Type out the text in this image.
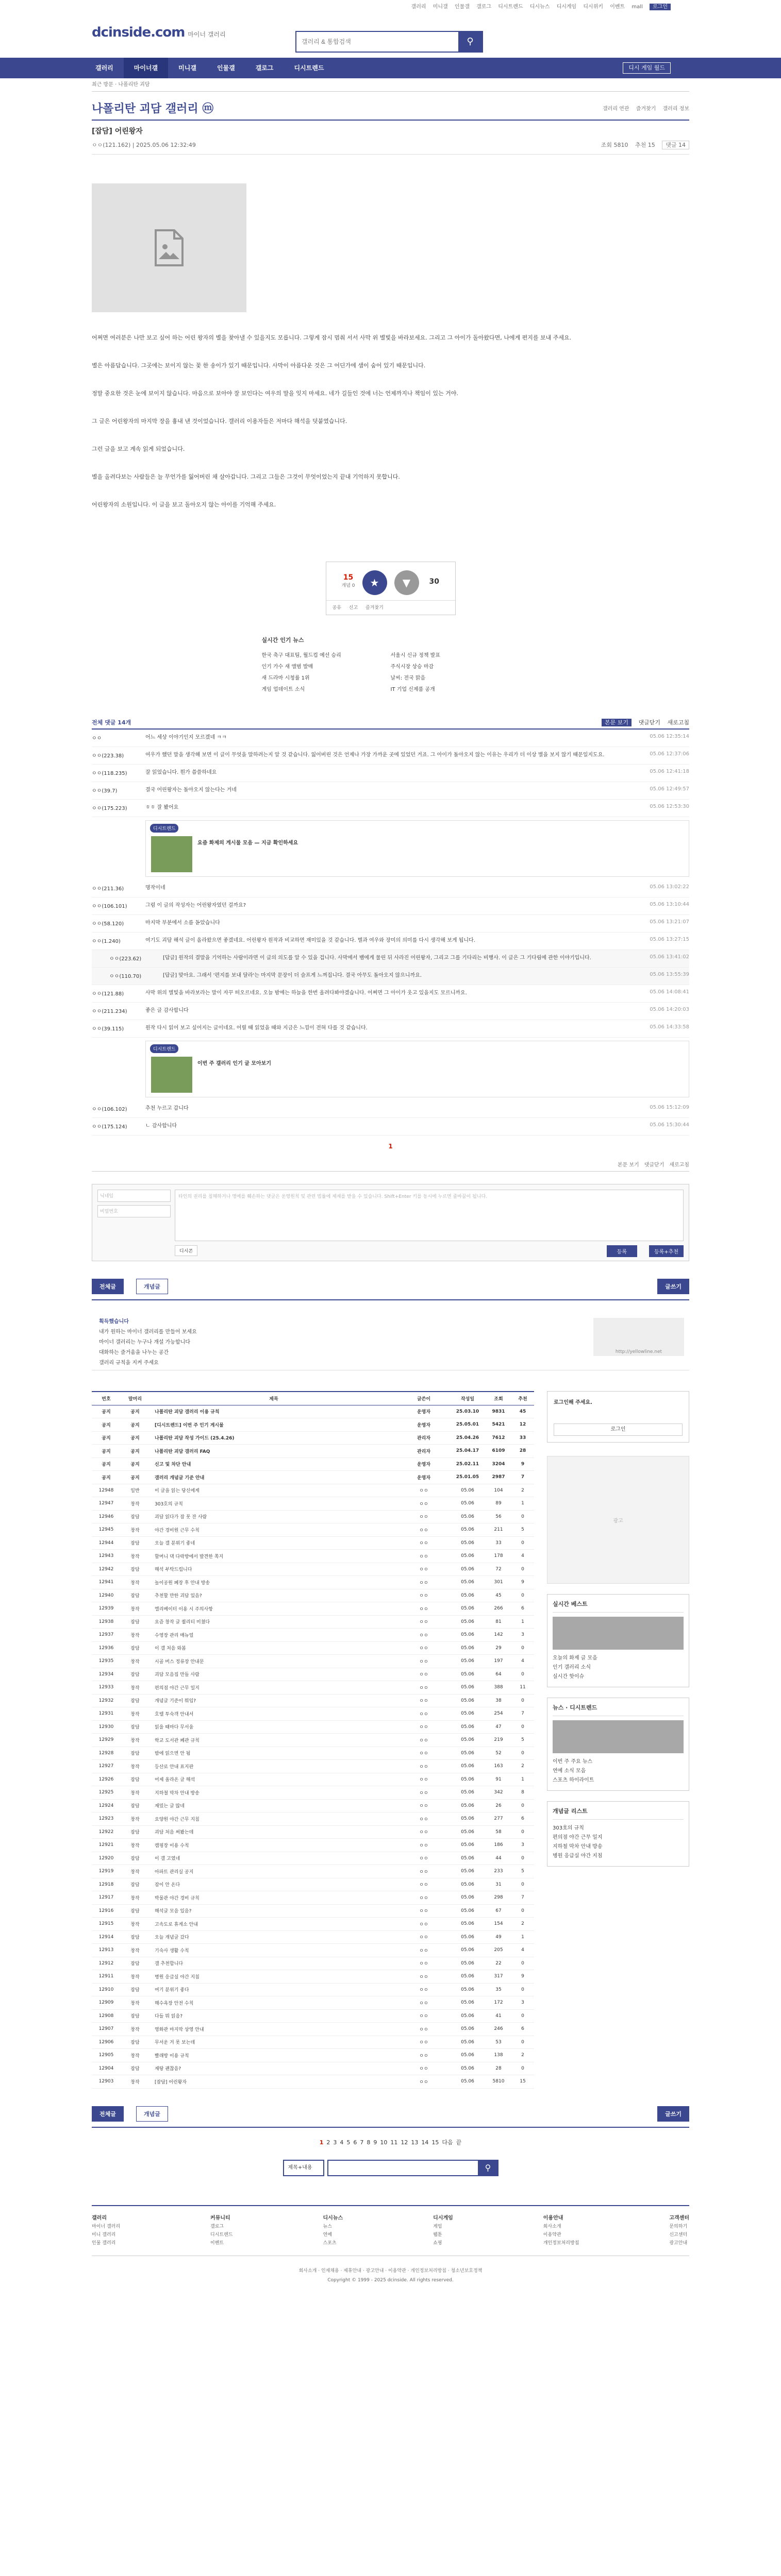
갤러리 미니갤 인물갤 갤로그 디시트렌드 디시뉴스 디시게임 디시위키 이벤트 mall 로그인
dcinside.com 마이너 갤러리
갤러리 & 통합검색
⚲
갤러리	마이너갤	미니갤	인물갤	갤로그	디시트렌드	디시 게임 월드
최근 방문 · 나폴리탄 괴담
나폴리탄 괴담 갤러리 ⓜ	갤러리 연관 즐겨찾기 갤러리 정보
[잡담] 어린왕자
ㅇㅇ(121.162) | 2025.05.06 12:32:49	조회 5810 추천 15 댓글 14

어쩌면 여러분은 나만 보고 싶어 하는 어린 왕자의 별을 찾아낼 수 있을지도 모릅니다. 그렇게 잠시 멈춰 서서 사막 위 별빛을 바라보세요. 그리고 그 아이가 돌아왔다면, 나에게 편지를 보내 주세요.

별은 아름답습니다. 그곳에는 보이지 않는 꽃 한 송이가 있기 때문입니다. 사막이 아름다운 것은 그 어딘가에 샘이 숨어 있기 때문입니다.

정말 중요한 것은 눈에 보이지 않습니다. 마음으로 보아야 잘 보인다는 여우의 말을 잊지 마세요. 네가 길들인 것에 너는 언제까지나 책임이 있는 거야.

그 글은 어린왕자의 마지막 장을 흉내 낸 것이었습니다. 갤러리 이용자들은 저마다 해석을 덧붙였습니다.

그런 글을 보고 계속 읽게 되었습니다.

별을 올려다보는 사람들은 늘 무언가를 잃어버린 채 살아갑니다. 그리고 그들은 그것이 무엇이었는지 끝내 기억하지 못합니다.

어린왕자의 소원입니다. 이 글을 보고 돌아오지 않는 아이를 기억해 주세요.

15
개념 0	★	▼	30
공유 신고 즐겨찾기
실시간 인기 뉴스
한국 축구 대표팀, 월드컵 예선 승리	서울시 신규 정책 발표
인기 가수 새 앨범 발매	주식시장 상승 마감
새 드라마 시청률 1위	날씨: 전국 맑음
게임 업데이트 소식	IT 기업 신제품 공개
전체 댓글 14개	본문 보기 댓글닫기 새로고침
ㅇㅇ	어느 세상 이야기인지 모르겠네 ㅋㅋ	05.06 12:35:14
ㅇㅇ(223.38)	여우가 했던 말을 생각해 보면 이 글이 무엇을 말하려는지 알 것 같습니다. 잃어버린 것은 언제나 가장 가까운 곳에 있었던 거죠. 그 아이가 돌아오지 않는 이유는 우리가 더 이상 별을 보지 않기 때문일지도요.	05.06 12:37:06
ㅇㅇ(118.235)	잘 읽었습니다. 뭔가 씁쓸하네요	05.06 12:41:18
ㅇㅇ(39.7)	결국 어린왕자는 돌아오지 않는다는 거네	05.06 12:49:57
ㅇㅇ(175.223)	ㅎㅎ 잘 봤어요	05.06 12:53:30
디시트렌드
요즘 화제의 게시물 모음 — 지금 확인하세요
ㅇㅇ(211.36)	명작이네	05.06 13:02:22
ㅇㅇ(106.101)	그럼 이 글의 작성자는 어린왕자였던 걸까요?	05.06 13:10:44
ㅇㅇ(58.120)	마지막 부분에서 소름 돋았습니다	05.06 13:21:07
ㅇㅇ(1.240)	여기도 괴담 해석 글이 올라왔으면 좋겠네요. 어린왕자 원작과 비교하면 재미있을 것 같습니다. 별과 여우와 장미의 의미를 다시 생각해 보게 됩니다.	05.06 13:27:15
ㅇㅇ(223.62)	[답글] 원작의 결말을 기억하는 사람이라면 이 글의 의도를 알 수 있을 겁니다. 사막에서 뱀에게 물린 뒤 사라진 어린왕자, 그리고 그를 기다리는 비행사. 이 글은 그 기다림에 관한 이야기입니다.	05.06 13:41:02
ㅇㅇ(110.70)	[답글] 맞아요. 그래서 '편지를 보내 달라'는 마지막 문장이 더 슬프게 느껴집니다. 결국 아무도 돌아오지 않으니까요.	05.06 13:55:39
ㅇㅇ(121.88)	사막 위의 별빛을 바라보라는 말이 자꾸 떠오르네요. 오늘 밤에는 하늘을 한번 올려다봐야겠습니다. 어쩌면 그 아이가 웃고 있을지도 모르니까요.	05.06 14:08:41
ㅇㅇ(211.234)	좋은 글 감사합니다	05.06 14:20:03
ㅇㅇ(39.115)	원작 다시 읽어 보고 싶어지는 글이네요. 어릴 때 읽었을 때와 지금은 느낌이 전혀 다를 것 같습니다.	05.06 14:33:58
디시트렌드
이번 주 갤러리 인기 글 모아보기
ㅇㅇ(106.102)	추천 누르고 갑니다	05.06 15:12:09
ㅇㅇ(175.124)	ㄴ 감사합니다	05.06 15:30:44
1
본문 보기 댓글닫기 새로고침
닉네임
비밀번호
타인의 권리를 침해하거나 명예를 훼손하는 댓글은 운영원칙 및 관련 법률에 제재를 받을 수 있습니다. Shift+Enter 키를 동시에 누르면 줄바꿈이 됩니다.
디시콘	등록	등록+추천
전체글	개념글	글쓰기
획득했습니다
내가 원하는 마이너 갤러리를 만들어 보세요
마이너 갤러리는 누구나 개설 가능합니다
대화하는 즐거움을 나누는 공간
갤러리 규칙을 지켜 주세요
http://yellowline.net
번호	말머리	제목	글쓴이	작성일	조회	추천
공지	공지	나폴리탄 괴담 갤러리 이용 규칙	운영자	25.03.10	9831	45
공지	공지	[디시트렌드] 이번 주 인기 게시물	운영자	25.05.01	5421	12
공지	공지	나폴리탄 괴담 작성 가이드 (25.4.26)	관리자	25.04.26	7612	33
공지	공지	나폴리탄 괴담 갤러리 FAQ	관리자	25.04.17	6109	28
공지	공지	신고 및 차단 안내	운영자	25.02.11	3204	9
공지	공지	갤러리 개념글 기준 안내	운영자	25.01.05	2987	7
12948	일반	이 글을 읽는 당신에게	ㅇㅇ	05.06	104	2
12947	창작	303호의 규칙	ㅇㅇ	05.06	89	1
12946	잡담	괴담 읽다가 잠 못 잔 사람	ㅇㅇ	05.06	56	0
12945	창작	야간 경비원 근무 수칙	ㅇㅇ	05.06	211	5
12944	잡담	오늘 갤 분위기 좋네	ㅇㅇ	05.06	33	0
12943	창작	할머니 댁 다락방에서 발견한 쪽지	ㅇㅇ	05.06	178	4
12942	잡담	해석 부탁드립니다	ㅇㅇ	05.06	72	0
12941	창작	놀이공원 폐장 후 안내 방송	ㅇㅇ	05.06	301	9
12940	잡담	추천할 만한 괴담 있음?	ㅇㅇ	05.06	45	0
12939	창작	엘리베이터 이용 시 주의사항	ㅇㅇ	05.06	266	6
12938	잡담	요즘 창작 글 퀄리티 미쳤다	ㅇㅇ	05.06	81	1
12937	창작	수영장 관리 매뉴얼	ㅇㅇ	05.06	142	3
12936	잡담	이 갤 처음 와봄	ㅇㅇ	05.06	29	0
12935	창작	시골 버스 정류장 안내문	ㅇㅇ	05.06	197	4
12934	잡담	괴담 모음집 만들 사람	ㅇㅇ	05.06	64	0
12933	창작	편의점 야간 근무 일지	ㅇㅇ	05.06	388	11
12932	잡담	개념글 기준이 뭐임?	ㅇㅇ	05.06	38	0
12931	창작	호텔 투숙객 안내서	ㅇㅇ	05.06	254	7
12930	잡담	읽을 때마다 무서움	ㅇㅇ	05.06	47	0
12929	창작	학교 도서관 폐관 규칙	ㅇㅇ	05.06	219	5
12928	잡담	밤에 읽으면 안 됨	ㅇㅇ	05.06	52	0
12927	창작	등산로 안내 표지판	ㅇㅇ	05.06	163	2
12926	잡담	어제 올라온 글 해석	ㅇㅇ	05.06	91	1
12925	창작	지하철 막차 안내 방송	ㅇㅇ	05.06	342	8
12924	잡담	재밌는 글 많네	ㅇㅇ	05.06	26	0
12923	창작	요양원 야간 근무 지침	ㅇㅇ	05.06	277	6
12922	잡담	괴담 처음 써봤는데	ㅇㅇ	05.06	58	0
12921	창작	캠핑장 이용 수칙	ㅇㅇ	05.06	186	3
12920	잡담	이 갤 고였네	ㅇㅇ	05.06	44	0
12919	창작	아파트 관리실 공지	ㅇㅇ	05.06	233	5
12918	잡담	잠이 안 온다	ㅇㅇ	05.06	31	0
12917	창작	박물관 야간 경비 규칙	ㅇㅇ	05.06	298	7
12916	잡담	해석글 모음 있음?	ㅇㅇ	05.06	67	0
12915	창작	고속도로 휴게소 안내	ㅇㅇ	05.06	154	2
12914	잡담	오늘 개념글 갔다	ㅇㅇ	05.06	49	1
12913	창작	기숙사 생활 수칙	ㅇㅇ	05.06	205	4
12912	잡담	갤 추천합니다	ㅇㅇ	05.06	22	0
12911	창작	병원 응급실 야간 지침	ㅇㅇ	05.06	317	9
12910	잡담	여기 분위기 좋다	ㅇㅇ	05.06	35	0
12909	창작	해수욕장 안전 수칙	ㅇㅇ	05.06	172	3
12908	잡담	다들 뭐 읽음?	ㅇㅇ	05.06	41	0
12907	창작	영화관 마지막 상영 안내	ㅇㅇ	05.06	246	6
12906	잡담	무서운 거 못 보는데	ㅇㅇ	05.06	53	0
12905	창작	빨래방 이용 규칙	ㅇㅇ	05.06	138	2
12904	잡담	재탕 괜찮음?	ㅇㅇ	05.06	28	0
12903	창작	[잡담] 어린왕자	ㅇㅇ	05.06	5810	15
로그인해 주세요.
로그인
광고
실시간 베스트
오늘의 화제 글 모음
인기 갤러리 소식
실시간 핫이슈
뉴스 · 디시트렌드
이번 주 주요 뉴스
연예 소식 모음
스포츠 하이라이트
개념글 리스트
303호의 규칙
편의점 야간 근무 일지
지하철 막차 안내 방송
병원 응급실 야간 지침
전체글	개념글	글쓰기
1 2 3 4 5 6 7 8 9 10 11 12 13 14 15 다음 끝
제목+내용	⚲
갤러리
마이너 갤러리
미니 갤러리
인물 갤러리
커뮤니티
갤로그
디시트렌드
이벤트
디시뉴스
뉴스
연예
스포츠
디시게임
게임
웹툰
쇼핑
이용안내
회사소개
이용약관
개인정보처리방침
고객센터
문의하기
신고센터
광고안내
회사소개 · 인재채용 · 제휴안내 · 광고안내 · 이용약관 · 개인정보처리방침 · 청소년보호정책
Copyright © 1999 - 2025 dcinside. All rights reserved.
